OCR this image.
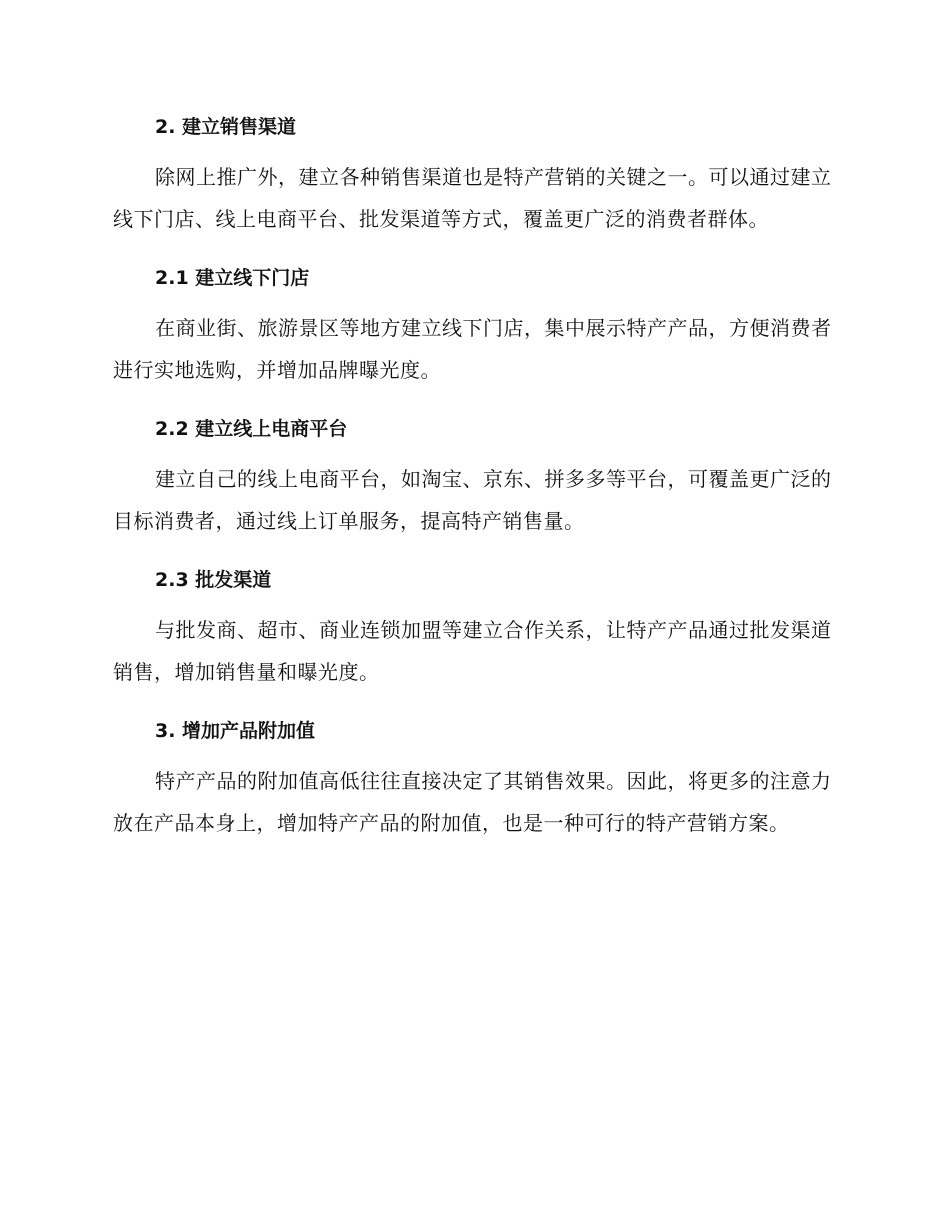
2. 建立销售渠道

除网上推广外，建立各种销售渠道也是特产营销的关键之一。可以通过建立线下门店、线上电商平台、批发渠道等方式，覆盖更广泛的消费者群体。

2.1 建立线下门店

在商业街、旅游景区等地方建立线下门店，集中展示特产产品，方便消费者进行实地选购，并增加品牌曝光度。

2.2 建立线上电商平台

建立自己的线上电商平台，如淘宝、京东、拼多多等平台，可覆盖更广泛的目标消费者，通过线上订单服务，提高特产销售量。

2.3 批发渠道

与批发商、超市、商业连锁加盟等建立合作关系，让特产产品通过批发渠道销售，增加销售量和曝光度。

3. 增加产品附加值

特产产品的附加值高低往往直接决定了其销售效果。因此，将更多的注意力放在产品本身上，增加特产产品的附加值，也是一种可行的特产营销方案。
